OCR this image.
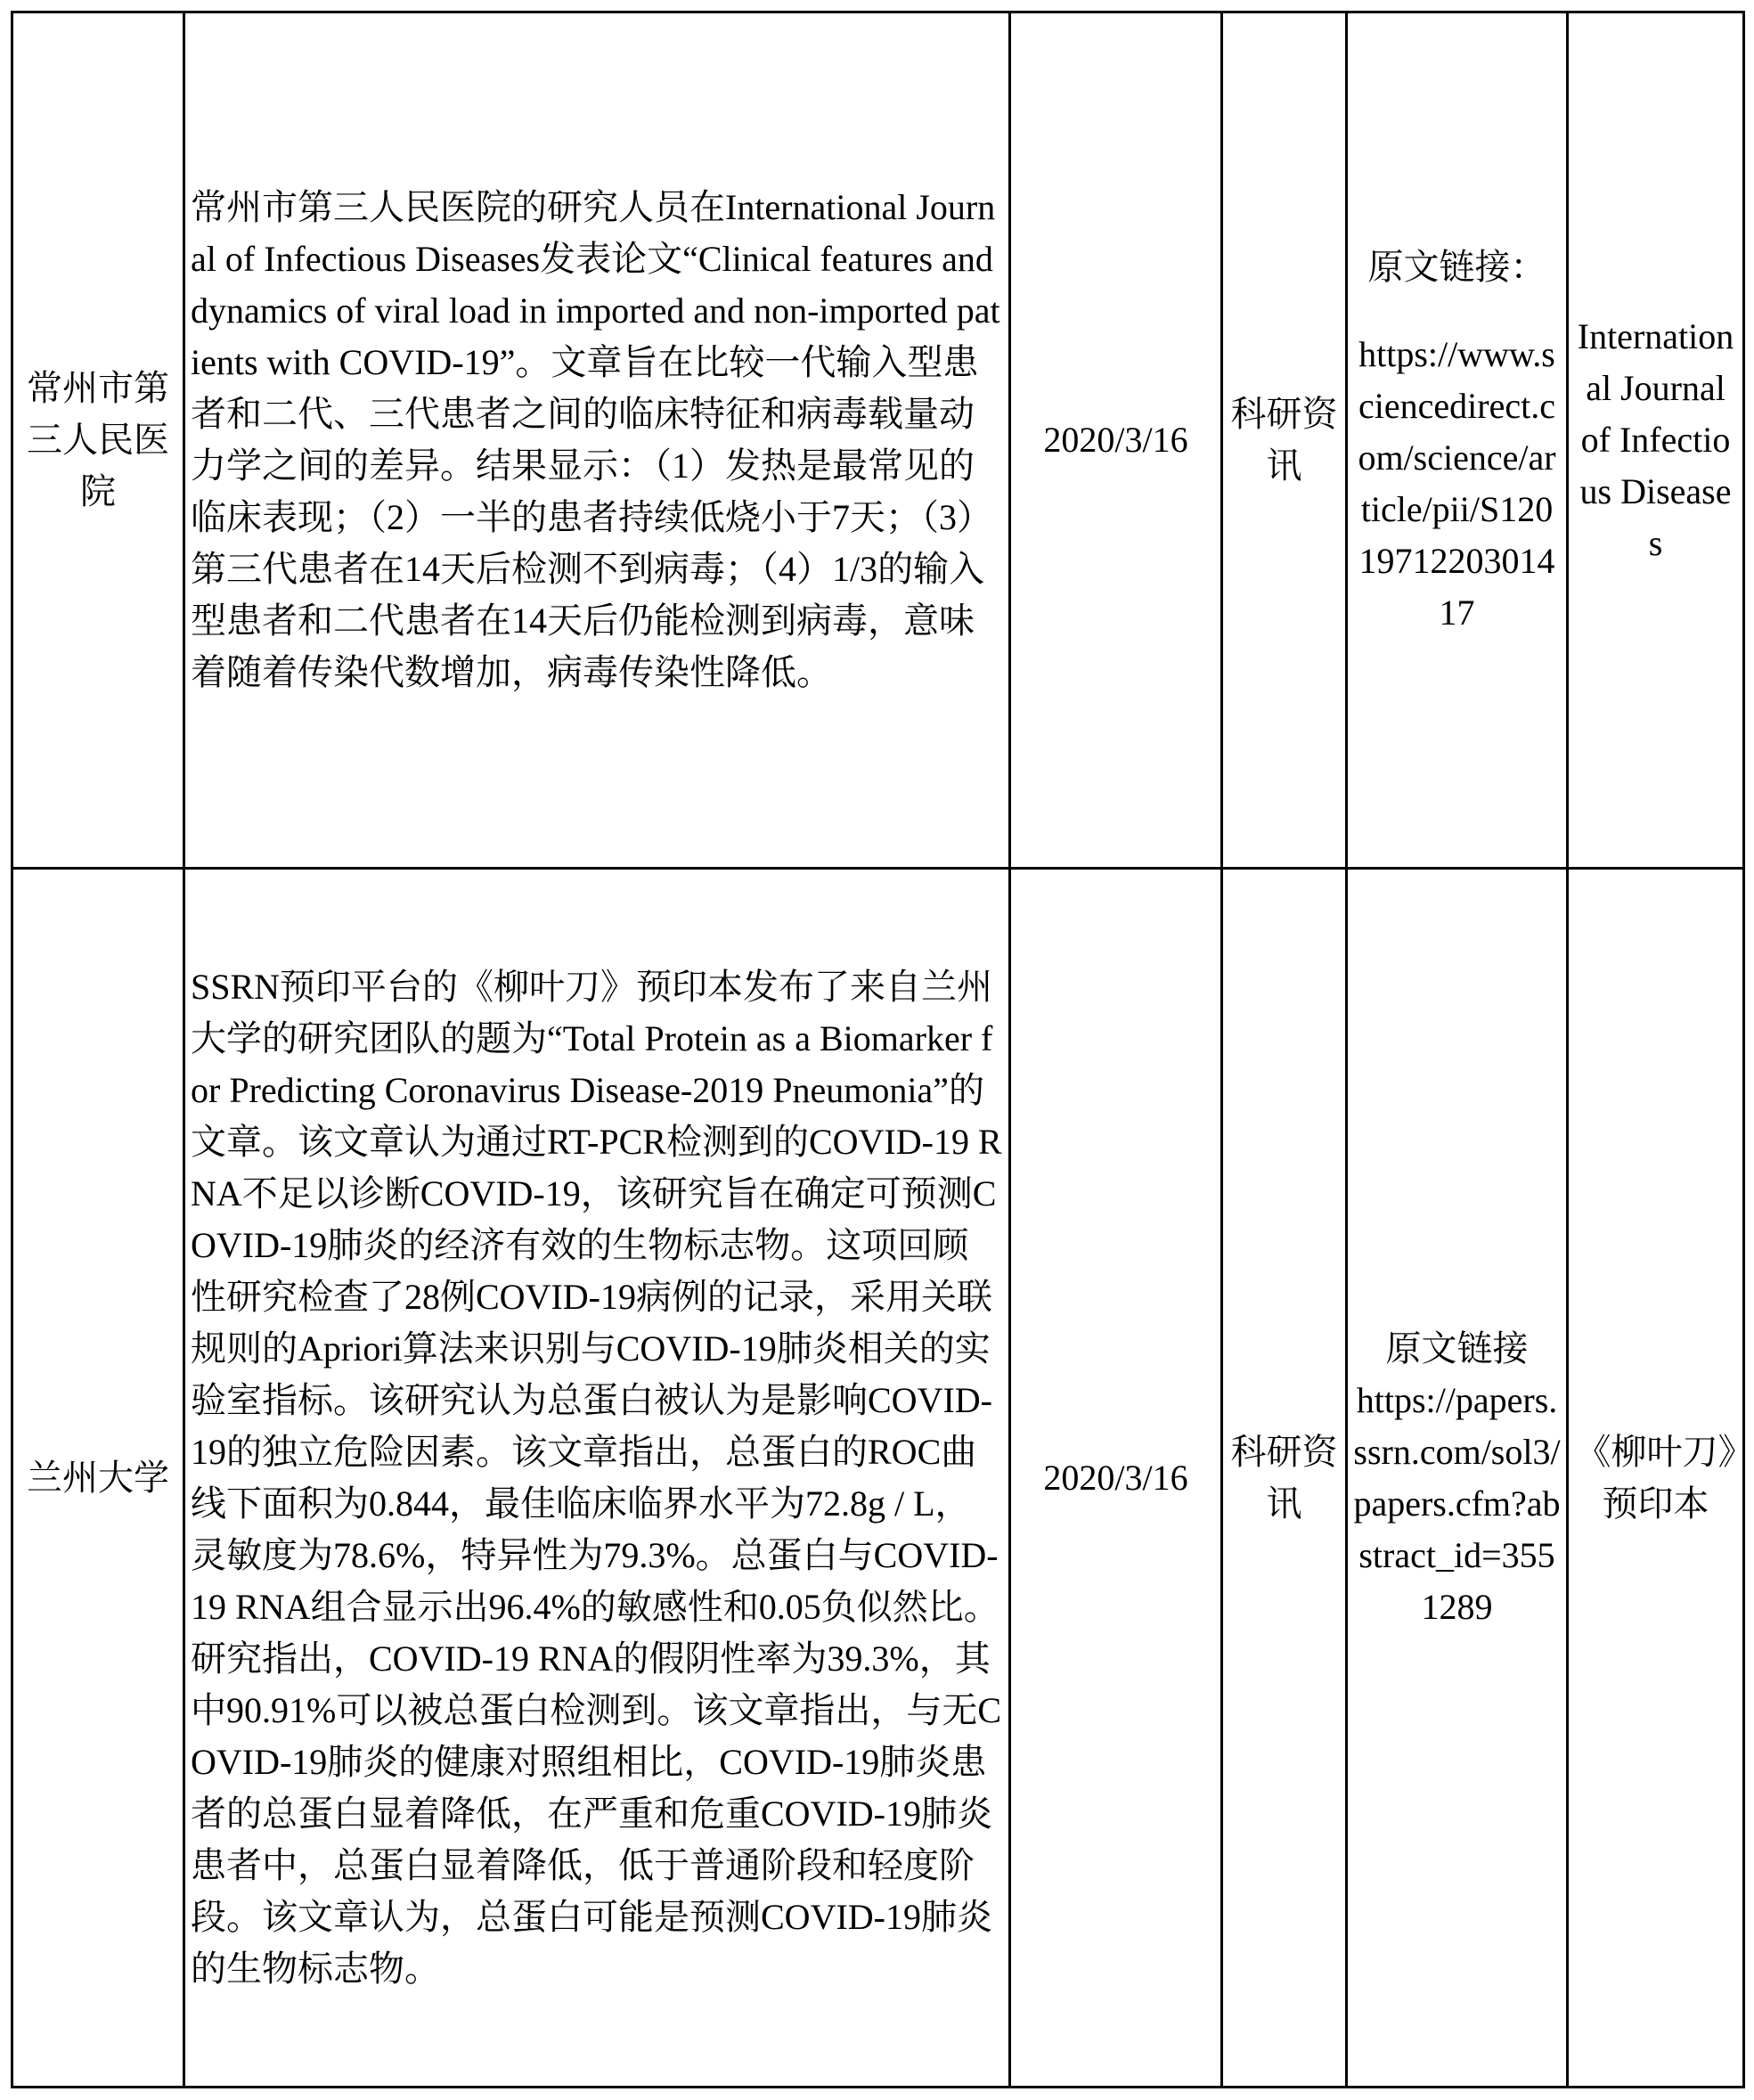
常州市第三人民医院	常州市第三人民医院的研究人员在International Journal of Infectious Diseases发表论文“Clinical features and dynamics of viral load in imported and non-imported patients with COVID-19”。文章旨在比较一代输入型患者和二代、三代患者之间的临床特征和病毒载量动力学之间的差异。结果显示：（1）发热是最常见的临床表现；（2）一半的患者持续低烧小于7天；（3）第三代患者在14天后检测不到病毒；（4）1/3的输入型患者和二代患者在14天后仍能检测到病毒，意味着随着传染代数增加，病毒传染性降低。	2020/3/16	科研资讯	原文链接：
https://www.sciencedirect.com/science/article/pii/S1201971220301417	International Journal of Infectious Diseases
兰州大学	SSRN预印平台的《柳叶刀》预印本发布了来自兰州大学的研究团队的题为“Total Protein as a Biomarker for Predicting Coronavirus Disease-2019 Pneumonia”的文章。该文章认为通过RT-PCR检测到的COVID-19 RNA不足以诊断COVID-19，该研究旨在确定可预测COVID-19肺炎的经济有效的生物标志物。这项回顾性研究检查了28例COVID-19病例的记录，采用关联规则的Apriori算法来识别与COVID-19肺炎相关的实验室指标。该研究认为总蛋白被认为是影响COVID-19的独立危险因素。该文章指出，总蛋白的ROC曲线下面积为0.844，最佳临床临界水平为72.8g / L，灵敏度为78.6%，特异性为79.3%。总蛋白与COVID-19 RNA组合显示出96.4%的敏感性和0.05负似然比。研究指出，COVID-19 RNA的假阴性率为39.3%，其中90.91%可以被总蛋白检测到。该文章指出，与无COVID-19肺炎的健康对照组相比，COVID-19肺炎患者的总蛋白显着降低，在严重和危重COVID-19肺炎患者中，总蛋白显着降低，低于普通阶段和轻度阶段。该文章认为，总蛋白可能是预测COVID-19肺炎的生物标志物。	2020/3/16	科研资讯	原文链接
https://papers.ssrn.com/sol3/papers.cfm?abstract_id=3551289	《柳叶刀》预印本
